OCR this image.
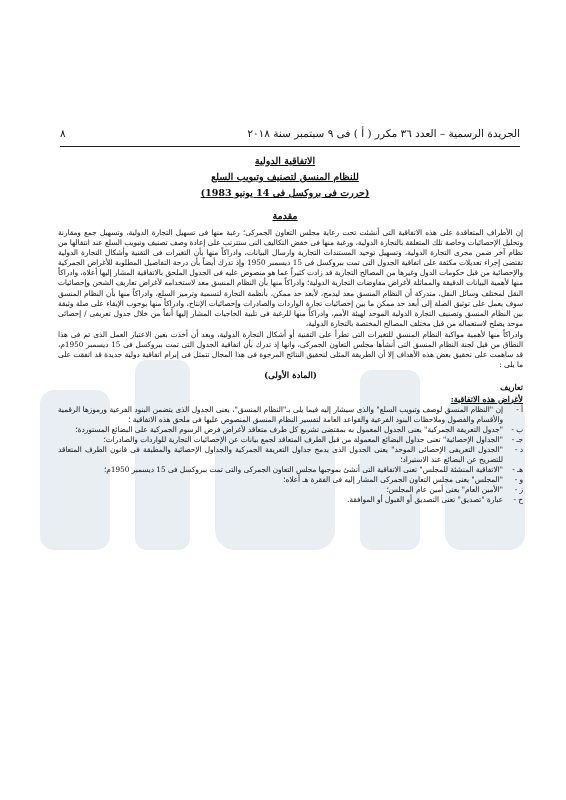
الجريدة الرسمية – العدد ٣٦ مكرر ( أ ) فى ٩ سبتمبر سنة ٢٠١٨
٨

الاتفاقية الدولية

للنظام المنسق لتصنيف وتبويب السلع

(حررت فى بروكسل فى 14 يونيو 1983)

مقدمة

إن الأطراف المتعاقدة على هذه الاتفاقية التى أنشئت تحت رعاية مجلس التعاون الجمركى؛ رغبة منها فى تسهيل التجارة الدولية، وتسهيل جمع ومقارنة وتحليل الإحصائيات وخاصة تلك المتعلقة بالتجارة الدولية، ورغبة منها فى خفض التكاليف التى ستترتب على إعادة وصف تصنيف وتبويب السلع عند انتقالها من نظام آخر ضمن مجرى التجارة الدولية، وتسهيل توحيد المستندات التجارية وارسال البيانات، وادراكاً منها بأن التغيرات فى التقنية وأشكال التجارة الدولية تقتضى إجراء تعديلات مكثفة على اتفاقية الجدول التى تمت ببروكسل فى 15 ديسمبر 1950 وإذ تدرك أيضاً بأن درجة التفاصيل المطلوبة للأغراض الجمركية والإحصائية من قبل حكومات الدول وغيرها من المصالح التجارية قد زادت كثيراً عما هو منصوص عليه فى الجدول الملحق بالاتفاقية المشار إليها أعلاه، وادراكاً منها لأهمية البيانات الدقيقة والمماثلة لأغراض مفاوضات التجارية الدولية؛ وادراكاً منها بأن النظام المنسق معد لاستخدامه لأغراض تعاريف الشحن وإحصائيات النقل لمختلف وسائل النقل، متدركة أن النظام المنسق معد ليدمج، لأبعد حد ممكن، بأنظمة التجارة لتسمية وترميز السلع، وادراكاً منها بأن النظام المنسق سوف يعمل على توثيق الصلة إلى أبعد حد ممكن ما بين إحصائيات تجارة الواردات والصادرات وإحصائيات الإنتاج، وادراكاً منها بوجوب الإبقاء على صلة وثيقة بين النظام المنسق وتصنيف التجارة الدولية الموحد لهيئة الأمم، وادراكاً منها للرغبة فى تلبية الحاجيات المشار إليها أنفاً من خلال جدول تعريفى / إحصائى موحد يصلح لاستعماله من قبل مختلف المصالح المختصة بالتجارة الدولية،

وادراكاً منها لأهمية مواكبة النظام المنسق للتغيرات التى تطرأ على التقنية أو أشكال التجارة الدولية، وبعد أن أخذت بعين الاعتبار العمل الذى تم فى هذا النطاق من قبل لجنة النظام المنسق التى أنشأها مجلس التعاون الجمركى، وانها إذ تدرك بأن اتفاقية الجدول التى تمت ببروكسل فى 15 ديسمبر 1950م، قد ساهمت على تحقيق بعض هذه الأهداف إلا أن الطريقة المثلى لتحقيق النتائج المرجوة فى هذا المجال تتمثل فى إبرام اتفاقية دولية جديدة قد اتفقت على ما يلى :

(المادة الأولى)

تعاريف

لأغراض هذه الاتفاقية:

أ -
إن "النظام المنسق لوصف وتبويب السلع" والذى سيشار إليه فيما يلى بـ"النظام المنسق"، يعنى الجدول الذى يتضمن البنود الفرعية ورموزها الرقمية والأقسام والفصول وملاحظات البنود الفرعية والقواعد العامة لتفسير النظام المنسق المنصوص عليها فى ملحق هذه الاتفاقية ؛
ب -
"جدول التعريفة الجمركية" يعنى الجدول المعمول به بمقتضى تشريع كل طرف متعاقد لأغراض فرض الرسوم الجمركية على البضائع المستوردة؛
جـ -
"الجداول الإحصائية" تعنى جداول البضائع المعمولة من قبل الطرف المتعاقد لجمع بيانات عن الإحصائيات التجارية للواردات والصادرات؛
د -
"الجدول التعريفى الإحصائى الموحد" يعنى الجدول الذى يدمج جداول التعريفة الجمركية والجداول الإحصائية والمطبقة فى قانون الطرف المتعاقد للتصريح عن البضائع عند الاستيراد؛
هـ -
"الاتفاقية المنشئة للمجلس" تعنى الاتفاقية التى أنشئ بموجبها مجلس التعاون الجمركى والتى تمت ببروكسل فى 15 ديسمبر 1950م؛
و -
"المجلس" يعنى مجلس التعاون الجمركى المشار إليه فى الفقرة هـ أعلاه؛
ز -
"الأمين العام" يعنى أمين عام المجلس؛
ح -
عبارة "تصديق" تعنى التصديق أو القبول أو الموافقة.
